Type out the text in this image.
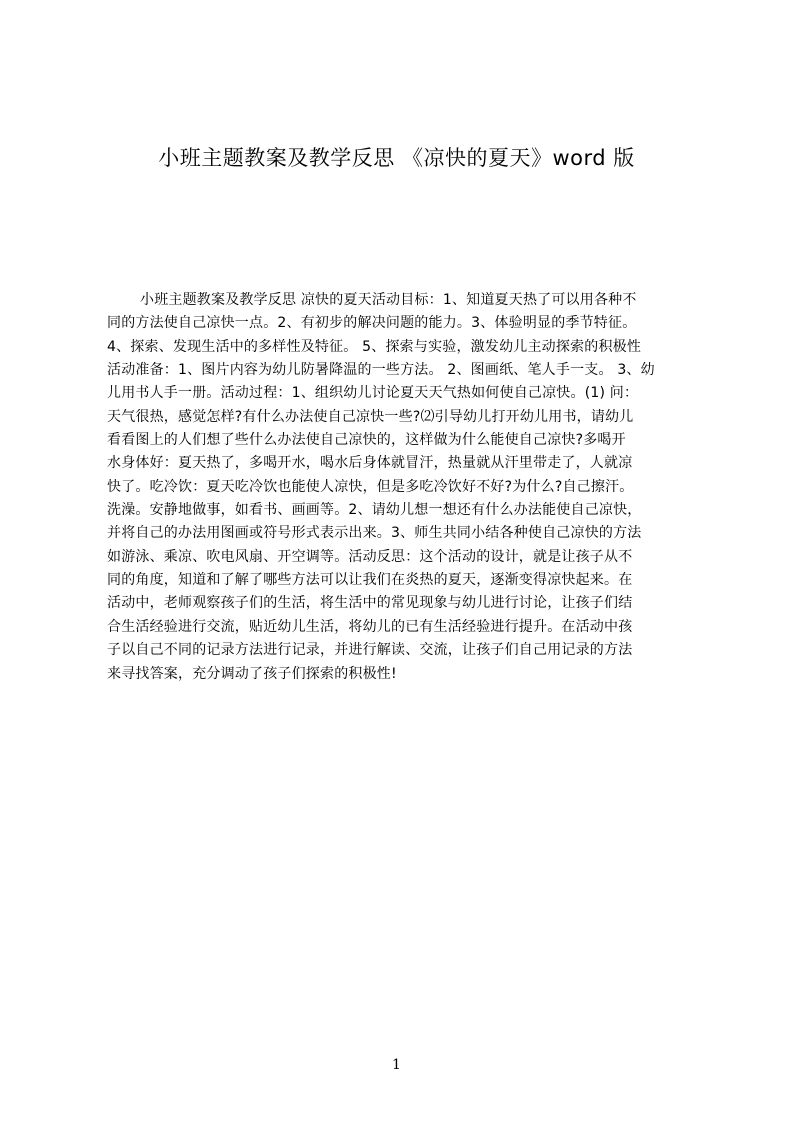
小班主题教案及教学反思 《凉快的夏天》word 版
小班主题教案及教学反思 凉快的夏天活动目标：1、知道夏天热了可以用各种不
同的方法使自己凉快一点。2、有初步的解决问题的能力。3、体验明显的季节特征。
4、探索、发现生活中的多样性及特征。 5、探索与实验，激发幼儿主动探索的积极性
活动准备：1、图片内容为幼儿防暑降温的一些方法。 2、图画纸、笔人手一支。 3、幼
儿用书人手一册。活动过程：1、组织幼儿讨论夏天天气热如何使自己凉快。(1) 问：
天气很热，感觉怎样?有什么办法使自己凉快一些?⑵引导幼儿打开幼儿用书，请幼儿
看看图上的人们想了些什么办法使自己凉快的，这样做为什么能使自己凉快?多喝开
水身体好：夏天热了，多喝开水，喝水后身体就冒汗，热量就从汗里带走了，人就凉
快了。吃冷饮：夏天吃冷饮也能使人凉快，但是多吃冷饮好不好?为什么?自己擦汗。
洗澡。安静地做事，如看书、画画等。2、请幼儿想一想还有什么办法能使自己凉快，
并将自己的办法用图画或符号形式表示出来。3、师生共同小结各种使自己凉快的方法
如游泳、乘凉、吹电风扇、开空调等。活动反思：这个活动的设计，就是让孩子从不
同的角度，知道和了解了哪些方法可以让我们在炎热的夏天，逐渐变得凉快起来。在
活动中，老师观察孩子们的生活，将生活中的常见现象与幼儿进行讨论，让孩子们结
合生活经验进行交流，贴近幼儿生活，将幼儿的已有生活经验进行提升。在活动中孩
子以自己不同的记录方法进行记录，并进行解读、交流，让孩子们自己用记录的方法
来寻找答案，充分调动了孩子们探索的积极性!
1
